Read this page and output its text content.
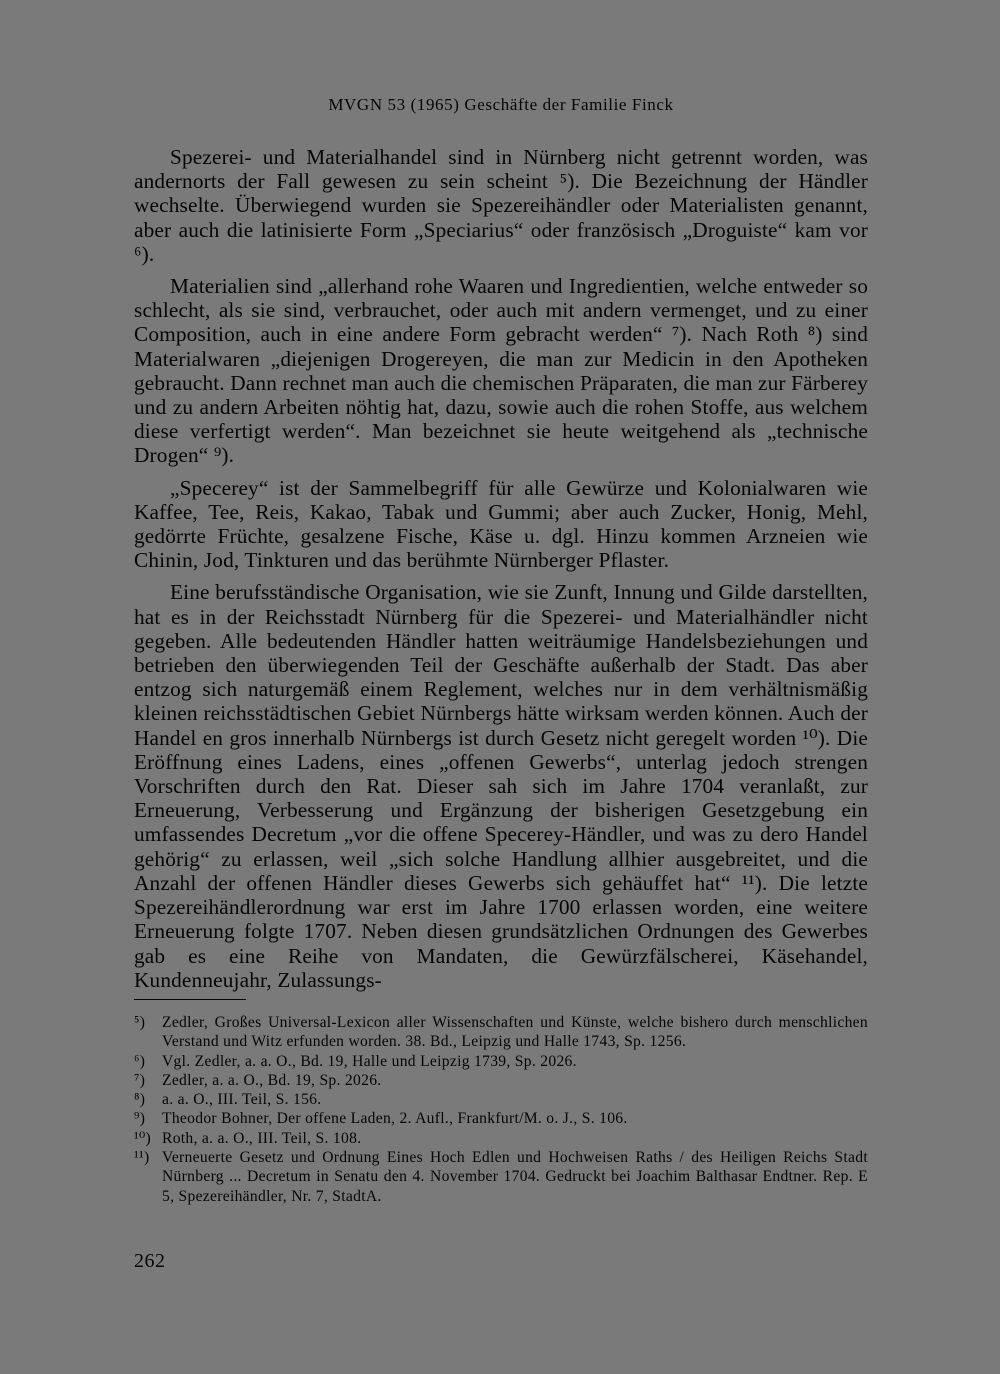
MVGN 53 (1965) Geschäfte der Familie Finck

Spezerei- und Materialhandel sind in Nürnberg nicht getrennt worden, was andernorts der Fall gewesen zu sein scheint ⁵). Die Bezeichnung der Händler wechselte. Überwiegend wurden sie Spezereihändler oder Materialisten genannt, aber auch die latinisierte Form „Speciarius“ oder französisch „Droguiste“ kam vor ⁶).

Materialien sind „allerhand rohe Waaren und Ingredientien, welche entweder so schlecht, als sie sind, verbrauchet, oder auch mit andern vermenget, und zu einer Composition, auch in eine andere Form gebracht werden“ ⁷). Nach Roth ⁸) sind Materialwaren „diejenigen Drogereyen, die man zur Medicin in den Apotheken gebraucht. Dann rechnet man auch die chemischen Präparaten, die man zur Färberey und zu andern Arbeiten nöhtig hat, dazu, sowie auch die rohen Stoffe, aus welchem diese verfertigt werden“. Man bezeichnet sie heute weitgehend als „technische Drogen“ ⁹).

„Specerey“ ist der Sammelbegriff für alle Gewürze und Kolonialwaren wie Kaffee, Tee, Reis, Kakao, Tabak und Gummi; aber auch Zucker, Honig, Mehl, gedörrte Früchte, gesalzene Fische, Käse u. dgl. Hinzu kommen Arzneien wie Chinin, Jod, Tinkturen und das berühmte Nürnberger Pflaster.

Eine berufsständische Organisation, wie sie Zunft, Innung und Gilde darstellten, hat es in der Reichsstadt Nürnberg für die Spezerei- und Materialhändler nicht gegeben. Alle bedeutenden Händler hatten weiträumige Handelsbeziehungen und betrieben den überwiegenden Teil der Geschäfte außerhalb der Stadt. Das aber entzog sich naturgemäß einem Reglement, welches nur in dem verhältnismäßig kleinen reichsstädtischen Gebiet Nürnbergs hätte wirksam werden können. Auch der Handel en gros innerhalb Nürnbergs ist durch Gesetz nicht geregelt worden ¹⁰). Die Eröffnung eines Ladens, eines „offenen Gewerbs“, unterlag jedoch strengen Vorschriften durch den Rat. Dieser sah sich im Jahre 1704 veranlaßt, zur Erneuerung, Verbesserung und Ergänzung der bisherigen Gesetzgebung ein umfassendes Decretum „vor die offene Specerey-Händler, und was zu dero Handel gehörig“ zu erlassen, weil „sich solche Handlung allhier ausgebreitet, und die Anzahl der offenen Händler dieses Gewerbs sich gehäuffet hat“ ¹¹). Die letzte Spezereihändlerordnung war erst im Jahre 1700 erlassen worden, eine weitere Erneuerung folgte 1707. Neben diesen grundsätzlichen Ordnungen des Gewerbes gab es eine Reihe von Mandaten, die Gewürzfälscherei, Käsehandel, Kundenneujahr, Zulassungs-

⁵)	Zedler, Großes Universal-Lexicon aller Wissenschaften und Künste, welche bishero durch menschlichen Verstand und Witz erfunden worden. 38. Bd., Leipzig und Halle 1743, Sp. 1256.
⁶)	Vgl. Zedler, a. a. O., Bd. 19, Halle und Leipzig 1739, Sp. 2026.
⁷)	Zedler, a. a. O., Bd. 19, Sp. 2026.
⁸)	a. a. O., III. Teil, S. 156.
⁹)	Theodor Bohner, Der offene Laden, 2. Aufl., Frankfurt/M. o. J., S. 106.
¹⁰) Roth, a. a. O., III. Teil, S. 108.
¹¹) Verneuerte Gesetz und Ordnung Eines Hoch Edlen und Hochweisen Raths / des Heiligen Reichs Stadt Nürnberg ... Decretum in Senatu den 4. November 1704. Gedruckt bei Joachim Balthasar Endtner. Rep. E 5, Spezereihändler, Nr. 7, StadtA.
262
